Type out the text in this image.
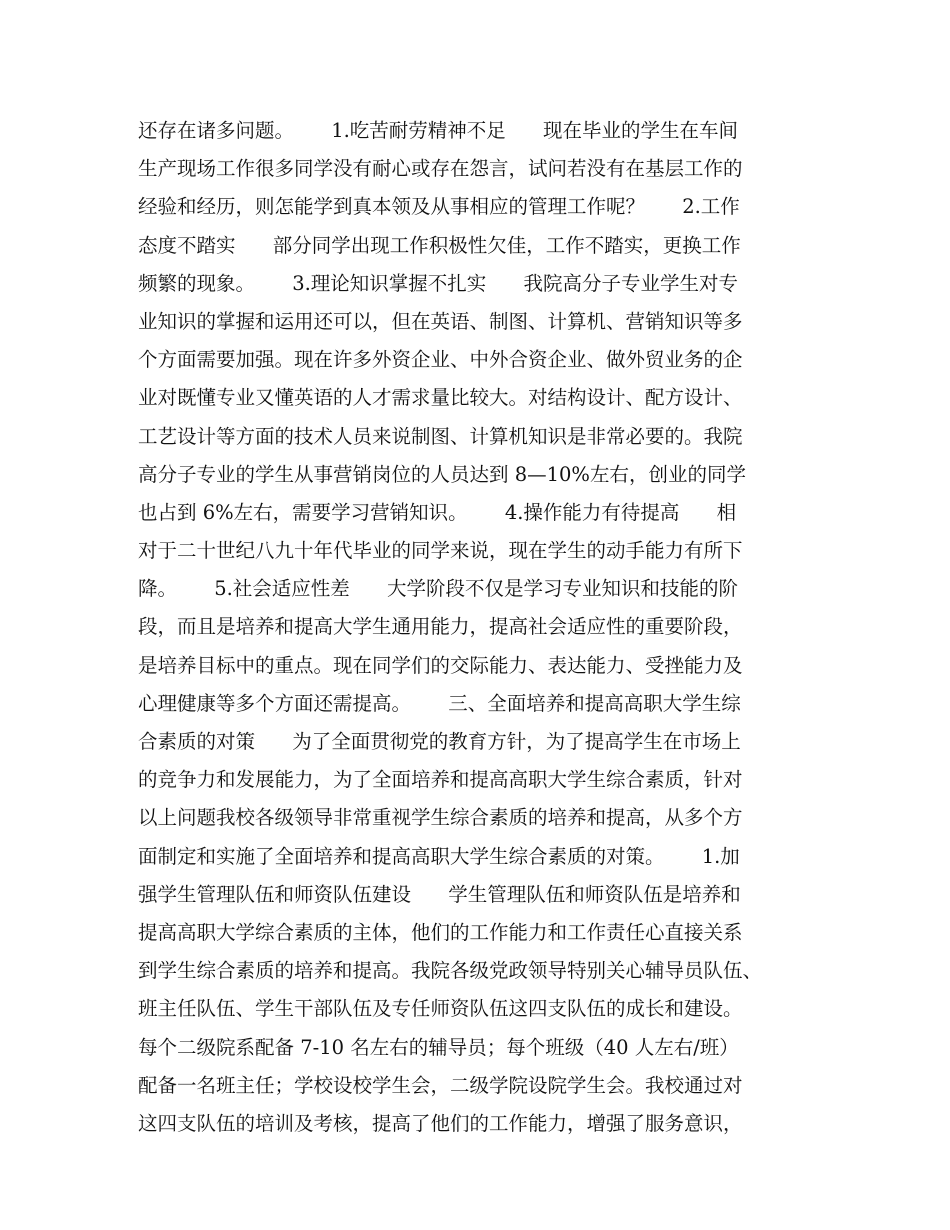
还存在诸多问题。      1.吃苦耐劳精神不足      现在毕业的学生在车间
生产现场工作很多同学没有耐心或存在怨言，试问若没有在基层工作的
经验和经历，则怎能学到真本领及从事相应的管理工作呢？      2.工作
态度不踏实      部分同学出现工作积极性欠佳，工作不踏实，更换工作
频繁的现象。      3.理论知识掌握不扎实      我院高分子专业学生对专
业知识的掌握和运用还可以，但在英语、制图、计算机、营销知识等多
个方面需要加强。现在许多外资企业、中外合资企业、做外贸业务的企
业对既懂专业又懂英语的人才需求量比较大。对结构设计、配方设计、
工艺设计等方面的技术人员来说制图、计算机知识是非常必要的。我院
高分子专业的学生从事营销岗位的人员达到 8—10%左右，创业的同学
也占到 6%左右，需要学习营销知识。      4.操作能力有待提高      相
对于二十世纪八九十年代毕业的同学来说，现在学生的动手能力有所下
降。      5.社会适应性差      大学阶段不仅是学习专业知识和技能的阶
段，而且是培养和提高大学生通用能力，提高社会适应性的重要阶段，
是培养目标中的重点。现在同学们的交际能力、表达能力、受挫能力及
心理健康等多个方面还需提高。      三、全面培养和提高高职大学生综
合素质的对策      为了全面贯彻党的教育方针，为了提高学生在市场上
的竞争力和发展能力，为了全面培养和提高高职大学生综合素质，针对
以上问题我校各级领导非常重视学生综合素质的培养和提高，从多个方
面制定和实施了全面培养和提高高职大学生综合素质的对策。      1.加
强学生管理队伍和师资队伍建设      学生管理队伍和师资队伍是培养和
提高高职大学综合素质的主体，他们的工作能力和工作责任心直接关系
到学生综合素质的培养和提高。我院各级党政领导特别关心辅导员队伍、
班主任队伍、学生干部队伍及专任师资队伍这四支队伍的成长和建设。
每个二级院系配备 7-10 名左右的辅导员；每个班级（40 人左右/班）
配备一名班主任；学校设校学生会，二级学院设院学生会。我校通过对
这四支队伍的培训及考核，提高了他们的工作能力，增强了服务意识，
